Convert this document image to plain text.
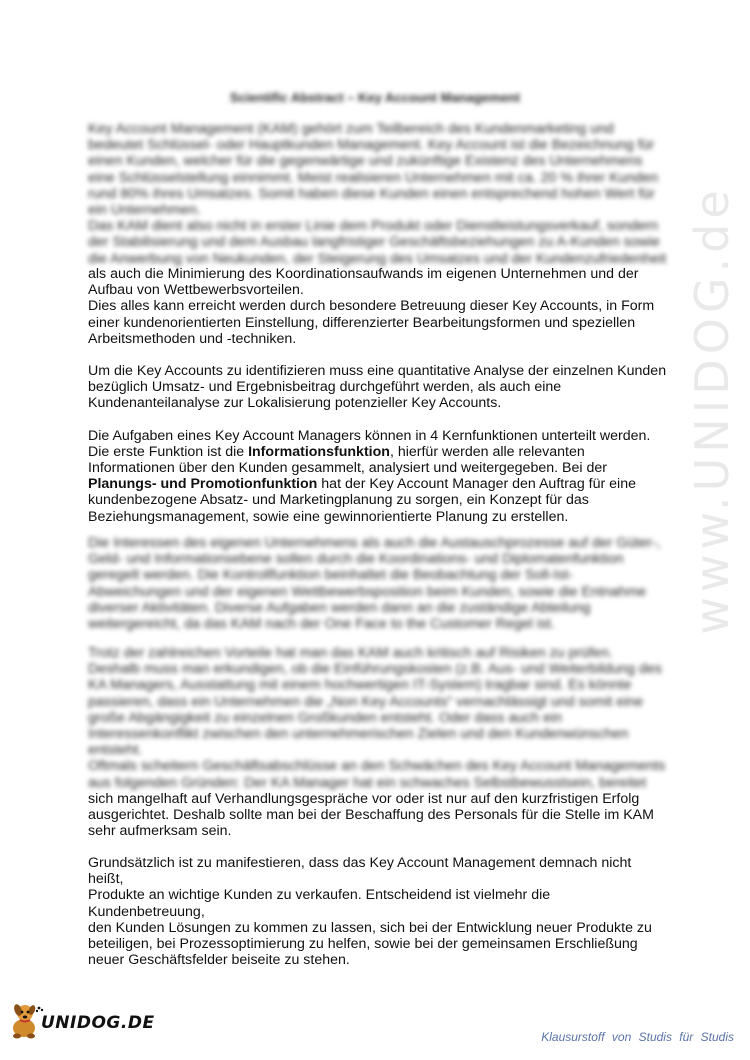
www.UNIDOG.de
Scientific Abstract – Key Account Management

Key Account Management (KAM) gehört zum Teilbereich des Kundenmarketing und

bedeutet Schlüssel- oder Hauptkunden Management. Key Account ist die Bezeichnung für

einen Kunden, welcher für die gegenwärtige und zukünftige Existenz des Unternehmens

eine Schlüsselstellung einnimmt. Meist realisieren Unternehmen mit ca. 20 % ihrer Kunden

rund 80% ihres Umsatzes. Somit haben diese Kunden einen entsprechend hohen Wert für

ein Unternehmen.

Das KAM dient also nicht in erster Linie dem Produkt oder Dienstleistungsverkauf, sondern

der Stabilisierung und dem Ausbau langfristiger Geschäftsbeziehungen zu A-Kunden sowie

die Anwerbung von Neukunden, der Steigerung des Umsatzes und der Kundenzufriedenheit

als auch die Minimierung des Koordinationsaufwands im eigenen Unternehmen und der

Aufbau von Wettbewerbsvorteilen.

Dies alles kann erreicht werden durch besondere Betreuung dieser Key Accounts, in Form

einer kundenorientierten Einstellung, differenzierter Bearbeitungsformen und speziellen

Arbeitsmethoden und -techniken.

Um die Key Accounts zu identifizieren muss eine quantitative Analyse der einzelnen Kunden

bezüglich Umsatz- und Ergebnisbeitrag durchgeführt werden, als auch eine

Kundenanteilanalyse zur Lokalisierung potenzieller Key Accounts.

Die Aufgaben eines Key Account Managers können in 4 Kernfunktionen unterteilt werden.

Die erste Funktion ist die Informationsfunktion, hierfür werden alle relevanten

Informationen über den Kunden gesammelt, analysiert und weitergegeben. Bei der

Planungs- und Promotionfunktion hat der Key Account Manager den Auftrag für eine

kundenbezogene Absatz- und Marketingplanung zu sorgen, ein Konzept für das

Beziehungsmanagement, sowie eine gewinnorientierte Planung zu erstellen.

Die Interessen des eigenen Unternehmens als auch die Austauschprozesse auf der Güter-,

Geld- und Informationsebene sollen durch die Koordinations- und Diplomatenfunktion

geregelt werden. Die Kontrollfunktion beinhaltet die Beobachtung der Soll-Ist-

Abweichungen und der eigenen Wettbewerbsposition beim Kunden, sowie die Entnahme

diverser Aktivitäten. Diverse Aufgaben werden dann an die zuständige Abteilung

weitergereicht, da das KAM nach der One Face to the Customer Regel ist.

Trotz der zahlreichen Vorteile hat man das KAM auch kritisch auf Risiken zu prüfen.

Deshalb muss man erkundigen, ob die Einführungskosten (z.B. Aus- und Weiterbildung des

KA Managers, Ausstattung mit einem hochwertigen IT-System) tragbar sind. Es könnte

passieren, dass ein Unternehmen die „Non Key Accounts“ vernachlässigt und somit eine

große Abgängigkeit zu einzelnen Großkunden entsteht. Oder dass auch ein

Interessenkonflikt zwischen den unternehmerischen Zielen und den Kundenwünschen

entsteht.

Oftmals scheitern Geschäftsabschlüsse an den Schwächen des Key Account Managements

aus folgenden Gründen: Der KA Manager hat ein schwaches Selbstbewusstsein, bereitet

sich mangelhaft auf Verhandlungsgespräche vor oder ist nur auf den kurzfristigen Erfolg

ausgerichtet. Deshalb sollte man bei der Beschaffung des Personals für die Stelle im KAM

sehr aufmerksam sein.

Grundsätzlich ist zu manifestieren, dass das Key Account Management demnach nicht heißt,

Produkte an wichtige Kunden zu verkaufen. Entscheidend ist vielmehr die Kundenbetreuung,

den Kunden Lösungen zu kommen zu lassen, sich bei der Entwicklung neuer Produkte zu

beteiligen, bei Prozessoptimierung zu helfen, sowie bei der gemeinsamen Erschließung

neuer Geschäftsfelder beiseite zu stehen.

UNIDOG.DE
Klausurstoff von Studis für Studis
